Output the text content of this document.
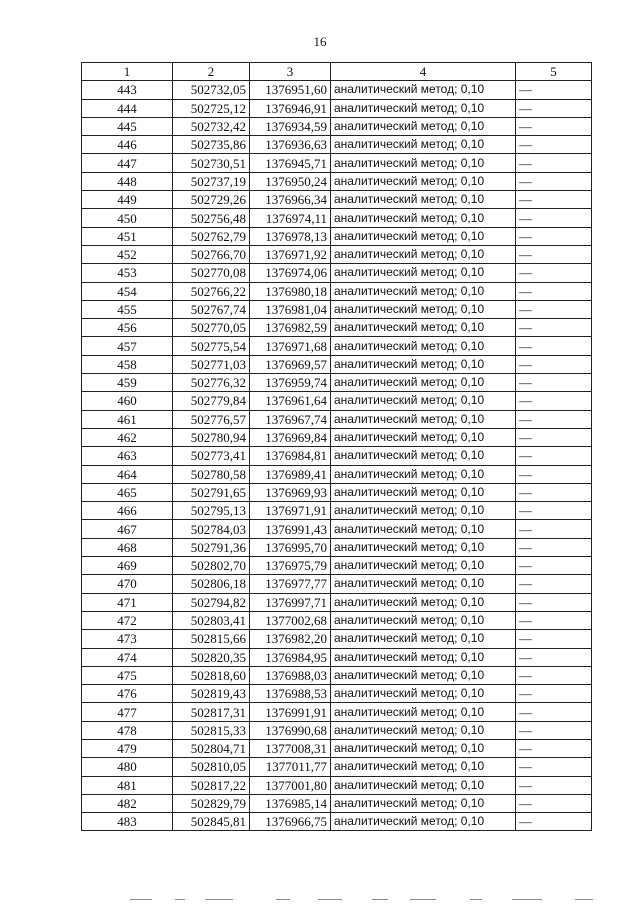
16
1	2	3	4	5
443	502732,05	1376951,60	аналитический метод; 0,10	—
444	502725,12	1376946,91	аналитический метод; 0,10	—
445	502732,42	1376934,59	аналитический метод; 0,10	—
446	502735,86	1376936,63	аналитический метод; 0,10	—
447	502730,51	1376945,71	аналитический метод; 0,10	—
448	502737,19	1376950,24	аналитический метод; 0,10	—
449	502729,26	1376966,34	аналитический метод; 0,10	—
450	502756,48	1376974,11	аналитический метод; 0,10	—
451	502762,79	1376978,13	аналитический метод; 0,10	—
452	502766,70	1376971,92	аналитический метод; 0,10	—
453	502770,08	1376974,06	аналитический метод; 0,10	—
454	502766,22	1376980,18	аналитический метод; 0,10	—
455	502767,74	1376981,04	аналитический метод; 0,10	—
456	502770,05	1376982,59	аналитический метод; 0,10	—
457	502775,54	1376971,68	аналитический метод; 0,10	—
458	502771,03	1376969,57	аналитический метод; 0,10	—
459	502776,32	1376959,74	аналитический метод; 0,10	—
460	502779,84	1376961,64	аналитический метод; 0,10	—
461	502776,57	1376967,74	аналитический метод; 0,10	—
462	502780,94	1376969,84	аналитический метод; 0,10	—
463	502773,41	1376984,81	аналитический метод; 0,10	—
464	502780,58	1376989,41	аналитический метод; 0,10	—
465	502791,65	1376969,93	аналитический метод; 0,10	—
466	502795,13	1376971,91	аналитический метод; 0,10	—
467	502784,03	1376991,43	аналитический метод; 0,10	—
468	502791,36	1376995,70	аналитический метод; 0,10	—
469	502802,70	1376975,79	аналитический метод; 0,10	—
470	502806,18	1376977,77	аналитический метод; 0,10	—
471	502794,82	1376997,71	аналитический метод; 0,10	—
472	502803,41	1377002,68	аналитический метод; 0,10	—
473	502815,66	1376982,20	аналитический метод; 0,10	—
474	502820,35	1376984,95	аналитический метод; 0,10	—
475	502818,60	1376988,03	аналитический метод; 0,10	—
476	502819,43	1376988,53	аналитический метод; 0,10	—
477	502817,31	1376991,91	аналитический метод; 0,10	—
478	502815,33	1376990,68	аналитический метод; 0,10	—
479	502804,71	1377008,31	аналитический метод; 0,10	—
480	502810,05	1377011,77	аналитический метод; 0,10	—
481	502817,22	1377001,80	аналитический метод; 0,10	—
482	502829,79	1376985,14	аналитический метод; 0,10	—
483	502845,81	1376966,75	аналитический метод; 0,10	—
